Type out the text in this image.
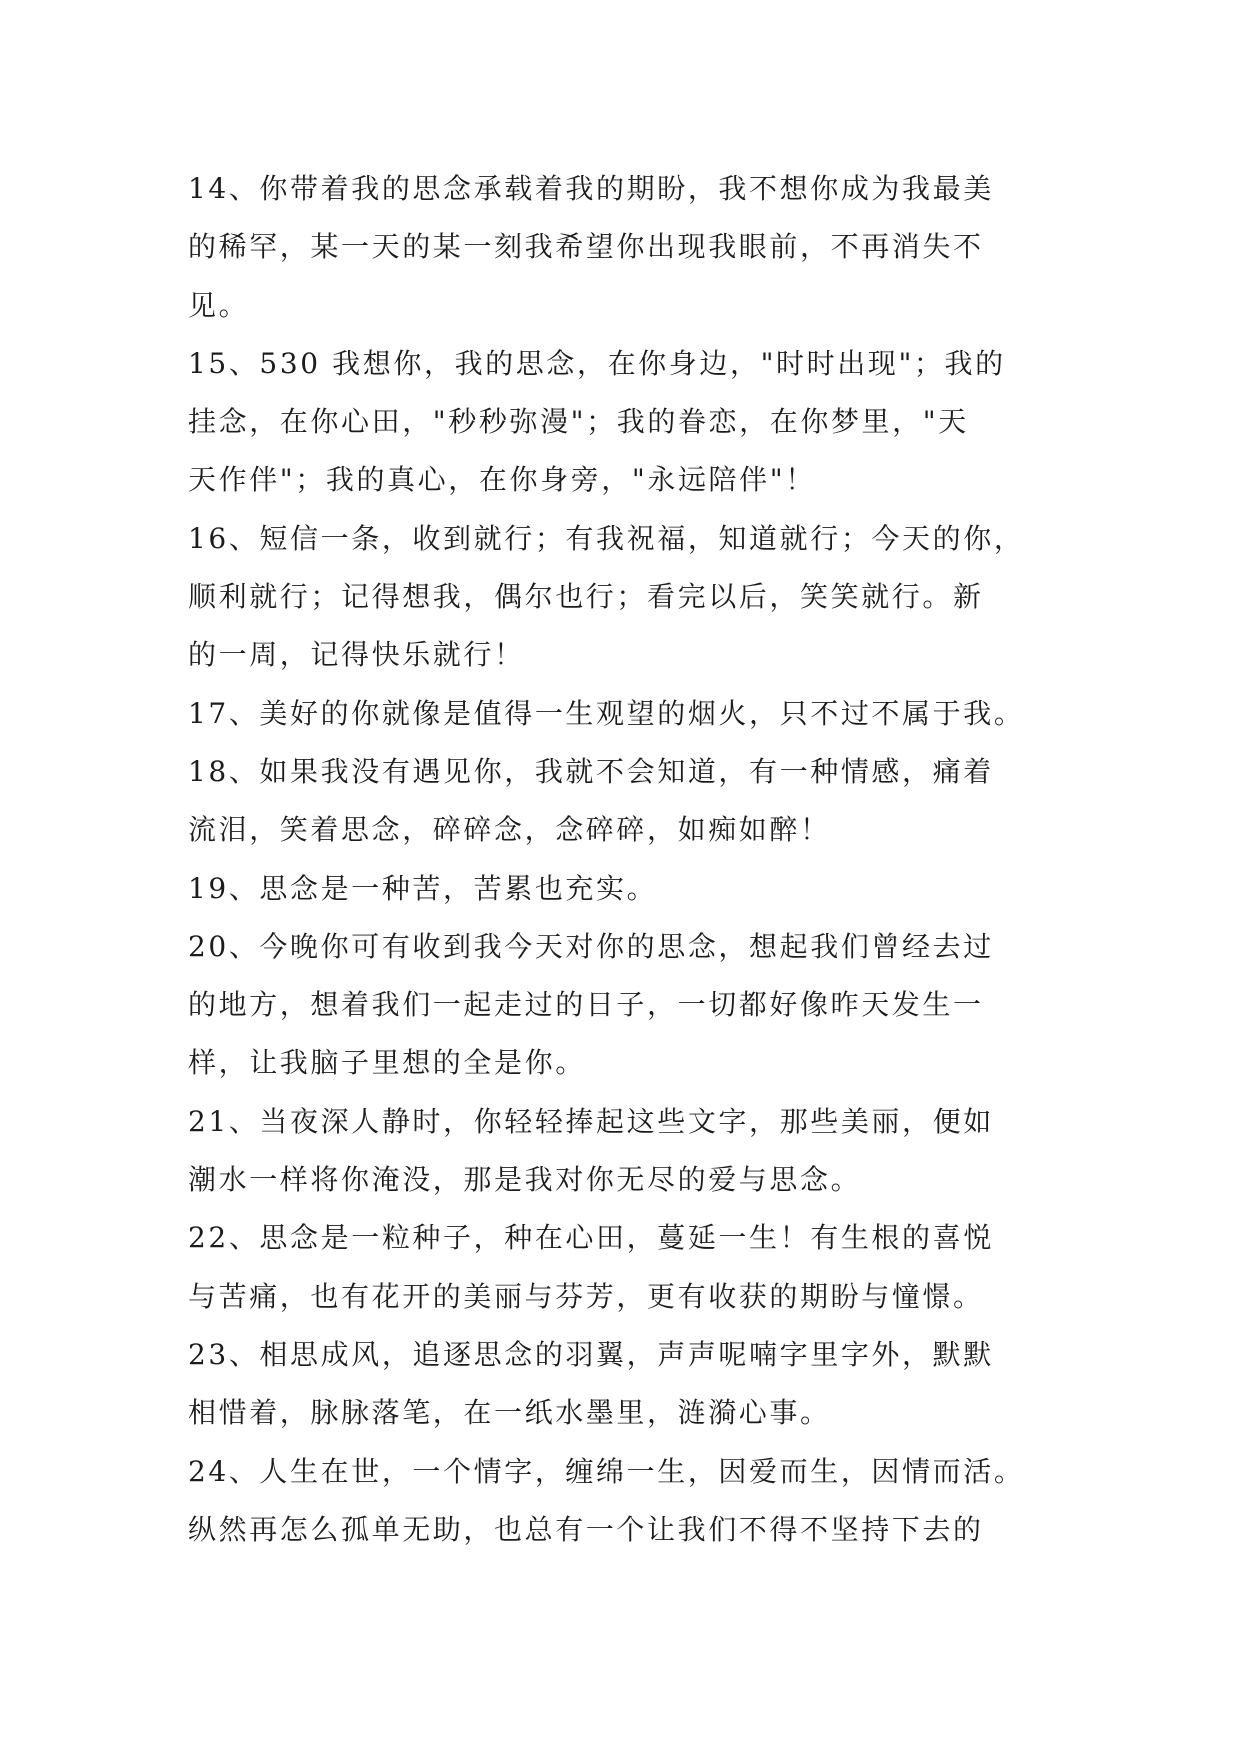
14、你带着我的思念承载着我的期盼，我不想你成为我最美
的稀罕，某一天的某一刻我希望你出现我眼前，不再消失不
见。
15、530 我想你，我的思念，在你身边，"时时出现"；我的
挂念，在你心田，"秒秒弥漫"；我的眷恋，在你梦里，"天
天作伴"；我的真心，在你身旁，"永远陪伴"！
16、短信一条，收到就行；有我祝福，知道就行；今天的你，
顺利就行；记得想我，偶尔也行；看完以后，笑笑就行。新
的一周，记得快乐就行！
17、美好的你就像是值得一生观望的烟火，只不过不属于我。
18、如果我没有遇见你，我就不会知道，有一种情感，痛着
流泪，笑着思念，碎碎念，念碎碎，如痴如醉！
19、思念是一种苦，苦累也充实。
20、今晚你可有收到我今天对你的思念，想起我们曾经去过
的地方，想着我们一起走过的日子，一切都好像昨天发生一
样，让我脑子里想的全是你。
21、当夜深人静时，你轻轻捧起这些文字，那些美丽，便如
潮水一样将你淹没，那是我对你无尽的爱与思念。
22、思念是一粒种子，种在心田，蔓延一生！有生根的喜悦
与苦痛，也有花开的美丽与芬芳，更有收获的期盼与憧憬。
23、相思成风，追逐思念的羽翼，声声呢喃字里字外，默默
相惜着，脉脉落笔，在一纸水墨里，涟漪心事。
24、人生在世，一个情字，缠绵一生，因爱而生，因情而活。
纵然再怎么孤单无助，也总有一个让我们不得不坚持下去的
